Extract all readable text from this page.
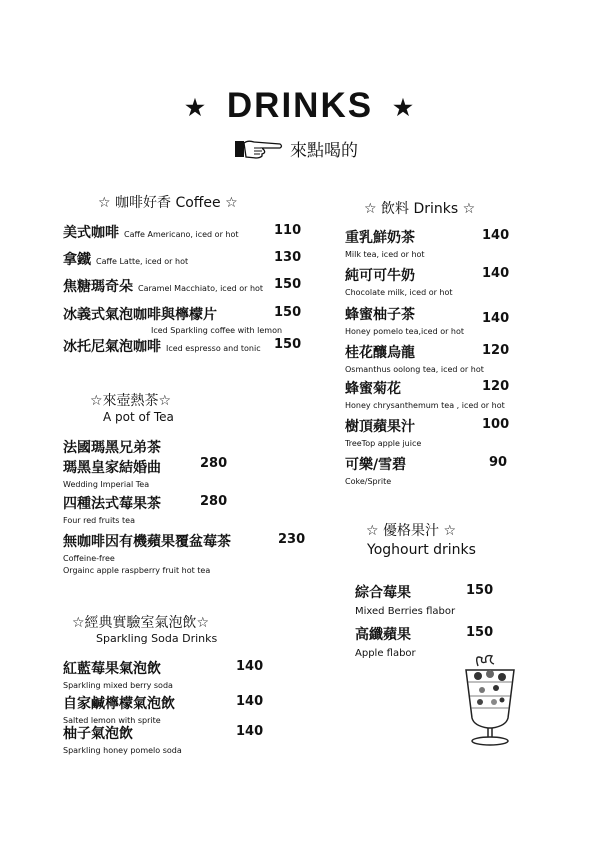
★ DRINKS ★
來點喝的
☆ 咖啡好香 Coffee ☆
美式咖啡 Caffe Americano, iced or hot	110
拿鐵 Caffe Latte, iced or hot	130
焦糖瑪奇朵 Caramel Macchiato, iced or hot 150
冰義式氣泡咖啡與檸檬片
Iced Sparkling coffee with lemon
150
冰托尼氣泡咖啡 Iced espresso and tonic 150
☆來壺熱茶☆
A pot of Tea
法國瑪黑兄弟茶
瑪黑皇家結婚曲
Wedding Imperial Tea
280
四種法式莓果茶
Four red fruits tea
280
無咖啡因有機蘋果覆盆莓茶
Coffeine-free
Orgainc apple raspberry fruit hot tea
230
☆經典實驗室氣泡飲☆
Sparkling Soda Drinks
紅藍莓果氣泡飲
Sparkling mixed berry soda
140
自家鹹檸檬氣泡飲
Salted lemon with sprite
140
柚子氣泡飲
Sparkling honey pomelo soda
140
☆ 飲料 Drinks ☆
重乳鮮奶茶
Milk tea, iced or hot
140
純可可牛奶
Chocolate milk, iced or hot
140
蜂蜜柚子茶
Honey pomelo tea,iced or hot
140
桂花釀烏龍
Osmanthus oolong tea, iced or hot
120
蜂蜜菊花
Honey chrysanthemum tea , iced or hot
120
樹頂蘋果汁
TreeTop apple juice
100
可樂/雪碧
Coke/Sprite
90
☆ 優格果汁 ☆
Yoghourt drinks
綜合莓果
Mixed Berries flabor
150
高纖蘋果
Apple flabor
150
